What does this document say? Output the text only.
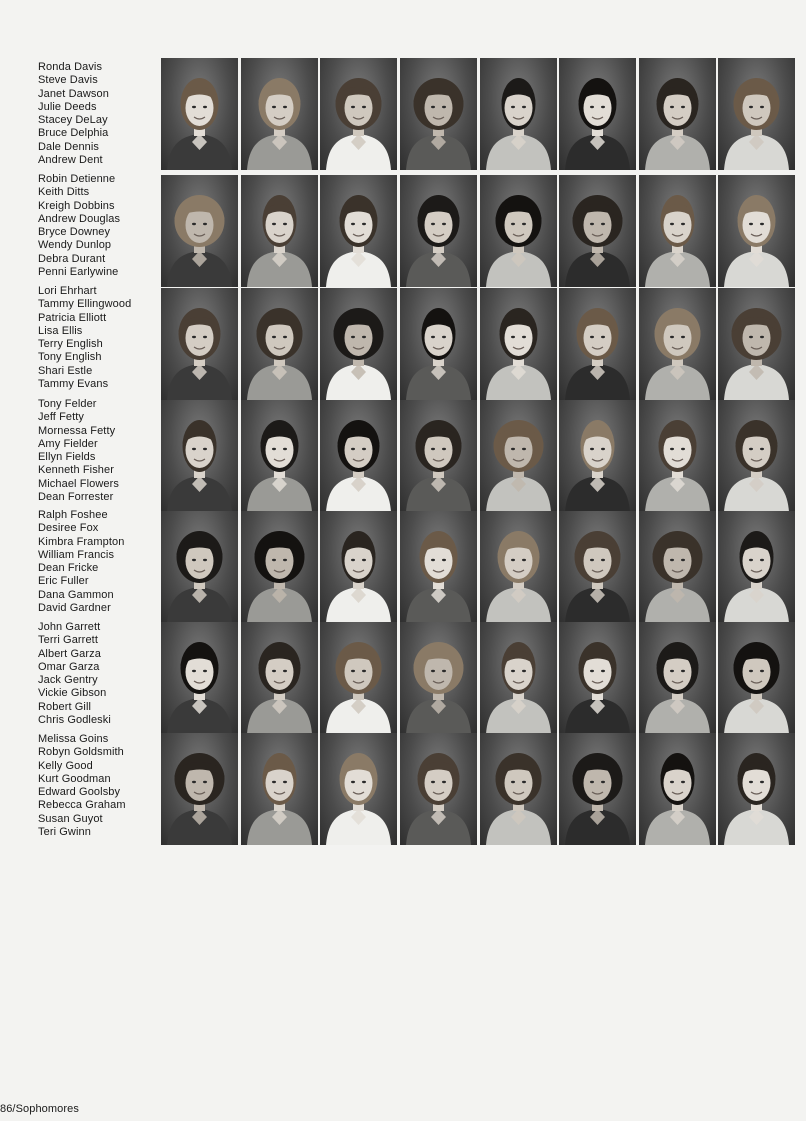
Ronda Davis
Steve Davis
Janet Dawson
Julie Deeds
Stacey DeLay
Bruce Delphia
Dale Dennis
Andrew Dent
Robin Detienne
Keith Ditts
Kreigh Dobbins
Andrew Douglas
Bryce Downey
Wendy Dunlop
Debra Durant
Penni Earlywine
Lori Ehrhart
Tammy Ellingwood
Patricia Elliott
Lisa Ellis
Terry English
Tony English
Shari Estle
Tammy Evans
Tony Felder
Jeff Fetty
Mornessa Fetty
Amy Fielder
Ellyn Fields
Kenneth Fisher
Michael Flowers
Dean Forrester
Ralph Foshee
Desiree Fox
Kimbra Frampton
William Francis
Dean Fricke
Eric Fuller
Dana Gammon
David Gardner
John Garrett
Terri Garrett
Albert Garza
Omar Garza
Jack Gentry
Vickie Gibson
Robert Gill
Chris Godleski
Melissa Goins
Robyn Goldsmith
Kelly Good
Kurt Goodman
Edward Goolsby
Rebecca Graham
Susan Guyot
Teri Gwinn
86/Sophomores
